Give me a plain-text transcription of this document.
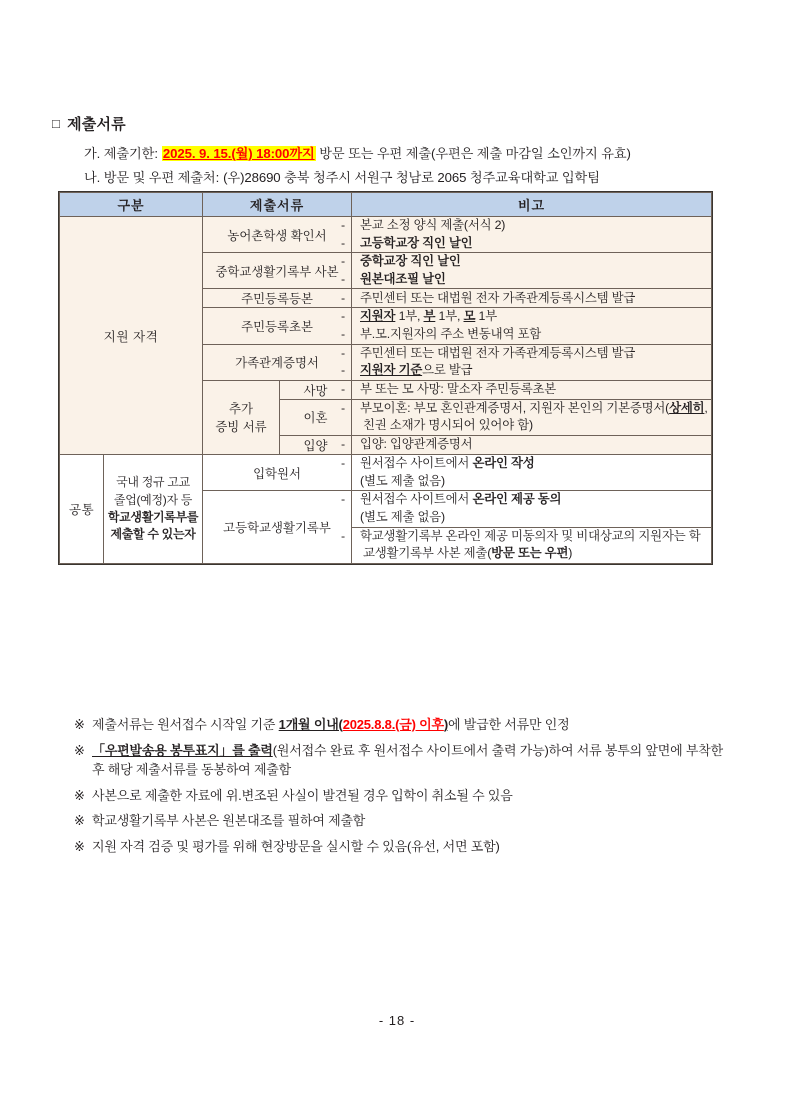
□ 제출서류
가. 제출기한: 2025. 9. 15.(월) 18:00까지 방문 또는 우편 제출(우편은 제출 마감일 소인까지 유효)
나. 방문 및 우편 제출처: (우)28690 충북 청주시 서원구 청남로 2065 청주교육대학교 입학팀
구분		제출서류		비고
지원 자격		농어촌학생 확인서		- 본교 소정 양식 제출(서식 2)
- 고등학교장 직인 날인

		중학교생활기록부 사본		- 중학교장 직인 날인
- 원본대조필 날인

		주민등록등본		- 주민센터 또는 대법원 전자 가족관계등록시스템 발급

		주민등록초본		- 지원자 1부, 부 1부, 모 1부
- 부.모.지원자의 주소 변동내역 포함

		가족관계증명서		- 주민센터 또는 대법원 전자 가족관계등록시스템 발급
- 지원자 기준으로 발급

		추가
증빙 서류	사망	- 부 또는 모 사망: 말소자 주민등록초본

			이혼	- 부모이혼: 부모 혼인관계증명서, 지원자 본인의 기본증명서(상세히, 친권 소재가 명시되어 있어야 함)

			입양	- 입양: 입양관계증명서

공통	국내 정규 고교
졸업(예정)자 등
학교생활기록부를
제출할 수 있는자	입학원서		- 원서접수 사이트에서 온라인 작성
(별도 제출 없음)

		고등학교생활기록부		- 원서접수 사이트에서 온라인 제공 동의
(별도 제출 없음)

				- 학교생활기록부 온라인 제공 미동의자 및 비대상교의 지원자는 학교생활기록부 사본 제출(방문 또는 우편)
※ 제출서류는 원서접수 시작일 기준 1개월 이내(2025.8.8.(금) 이후)에 발급한 서류만 인정
※ 「우편발송용 봉투표지」를 출력(원서접수 완료 후 원서접수 사이트에서 출력 가능)하여 서류 봉투의 앞면에 부착한 후 해당 제출서류를 동봉하여 제출함
※ 사본으로 제출한 자료에 위.변조된 사실이 발견될 경우 입학이 취소될 수 있음
※ 학교생활기록부 사본은 원본대조를 필하여 제출함
※ 지원 자격 검증 및 평가를 위해 현장방문을 실시할 수 있음(유선, 서면 포함)
- 18 -
